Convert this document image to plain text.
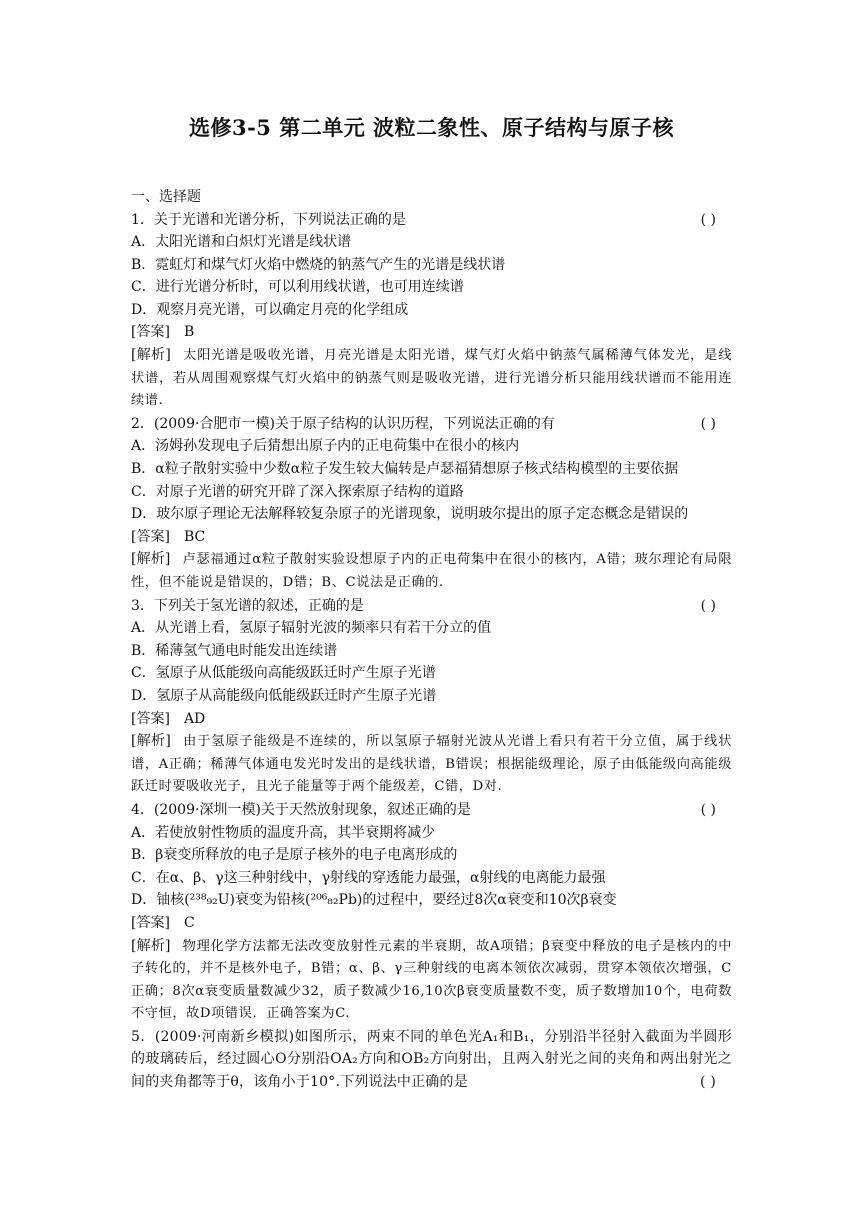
选修3-5 第二单元 波粒二象性、原子结构与原子核
一、选择题
1．关于光谱和光谱分析，下列说法正确的是	( )
A．太阳光谱和白炽灯光谱是线状谱
B．霓虹灯和煤气灯火焰中燃烧的钠蒸气产生的光谱是线状谱
C．进行光谱分析时，可以利用线状谱，也可用连续谱
D．观察月亮光谱，可以确定月亮的化学组成
[答案] B
[解析] 太阳光谱是吸收光谱，月亮光谱是太阳光谱，煤气灯火焰中钠蒸气属稀薄气体发光，是线状谱，若从周围观察煤气灯火焰中的钠蒸气则是吸收光谱，进行光谱分析只能用线状谱而不能用连续谱.
2．(2009·合肥市一模)关于原子结构的认识历程，下列说法正确的有	( )
A．汤姆孙发现电子后猜想出原子内的正电荷集中在很小的核内
B．α粒子散射实验中少数α粒子发生较大偏转是卢瑟福猜想原子核式结构模型的主要依据
C．对原子光谱的研究开辟了深入探索原子结构的道路
D．玻尔原子理论无法解释较复杂原子的光谱现象，说明玻尔提出的原子定态概念是错误的
[答案] BC
[解析] 卢瑟福通过α粒子散射实验设想原子内的正电荷集中在很小的核内，A错；玻尔理论有局限性，但不能说是错误的，D错；B、C说法是正确的.
3．下列关于氢光谱的叙述，正确的是	( )
A．从光谱上看，氢原子辐射光波的频率只有若干分立的值
B．稀薄氢气通电时能发出连续谱
C．氢原子从低能级向高能级跃迁时产生原子光谱
D．氢原子从高能级向低能级跃迁时产生原子光谱
[答案] AD
[解析] 由于氢原子能级是不连续的，所以氢原子辐射光波从光谱上看只有若干分立值，属于线状谱，A正确；稀薄气体通电发光时发出的是线状谱，B错误；根据能级理论，原子由低能级向高能级跃迁时要吸收光子，且光子能量等于两个能级差，C错，D对.
4．(2009·深圳一模)关于天然放射现象，叙述正确的是	( )
A．若使放射性物质的温度升高，其半衰期将减少
B．β衰变所释放的电子是原子核外的电子电离形成的
C．在α、β、γ这三种射线中，γ射线的穿透能力最强，α射线的电离能力最强
D．铀核(²³⁸₉₂U)衰变为铅核(²⁰⁶₈₂Pb)的过程中，要经过8次α衰变和10次β衰变
[答案] C
[解析] 物理化学方法都无法改变放射性元素的半衰期，故A项错；β衰变中释放的电子是核内的中子转化的，并不是核外电子，B错；α、β、γ三种射线的电离本领依次减弱，贯穿本领依次增强，C正确；8次α衰变质量数减少32，质子数减少16,10次β衰变质量数不变，质子数增加10个，电荷数不守恒，故D项错误．正确答案为C.
5．(2009·河南新乡模拟)如图所示，两束不同的单色光A₁和B₁，分别沿半径射入截面为半圆形的玻璃砖后，经过圆心O分别沿OA₂方向和OB₂方向射出，且两入射光之间的夹角和两出射光之间的夹角都等于θ，该角小于10°.下列说法中正确的是	( )
